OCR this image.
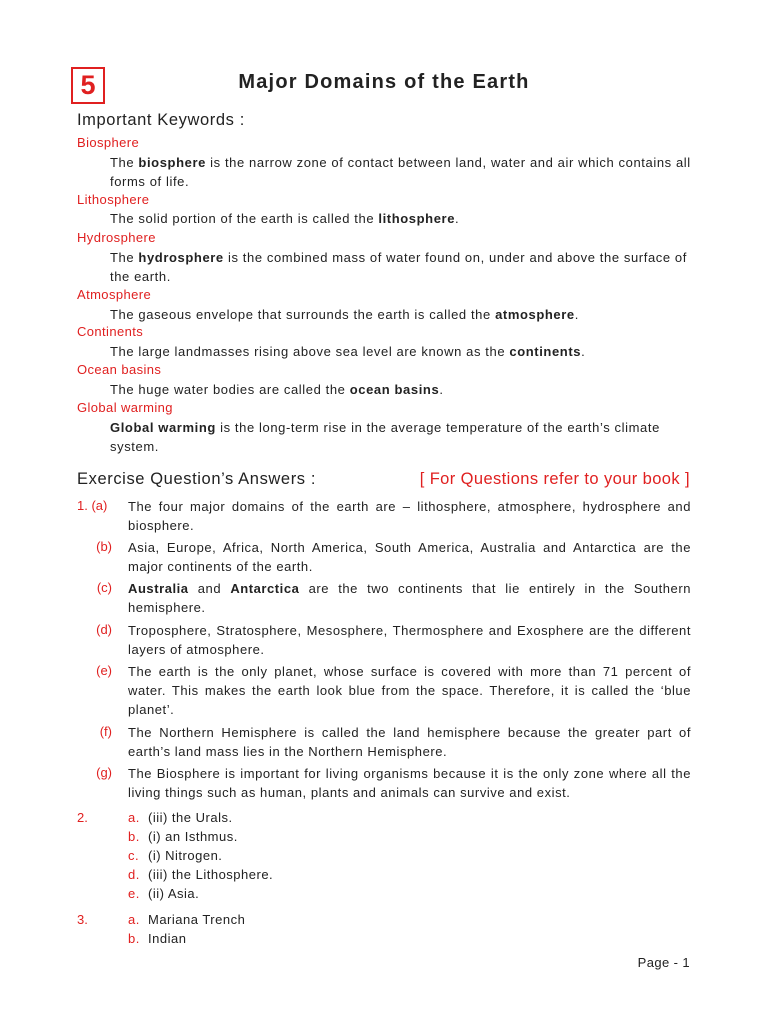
5	Major Domains of the Earth
Important Keywords :
Biosphere
The biosphere is the narrow zone of contact between land, water and air which contains all forms of life.
Lithosphere
The solid portion of the earth is called the lithosphere.
Hydrosphere
The hydrosphere is the combined mass of water found on, under and above the surface of the earth.
Atmosphere
The gaseous envelope that surrounds the earth is called the atmosphere.
Continents
The large landmasses rising above sea level are known as the continents.
Ocean basins
The huge water bodies are called the ocean basins.
Global warming
Global warming is the long-term rise in the average temperature of the earth’s climate system.
Exercise Question’s Answers :	[ For Questions refer to your book ]
1. (a)	The four major domains of the earth are – lithosphere, atmosphere, hydrosphere and biosphere.
(b) Asia, Europe, Africa, North America, South America, Australia and Antarctica are the major continents of the earth.
(c) Australia and Antarctica are the two continents that lie entirely in the Southern hemisphere.
(d) Troposphere, Stratosphere, Mesosphere, Thermosphere and Exosphere are the different layers of atmosphere.
(e) The earth is the only planet, whose surface is covered with more than 71 percent of water. This makes the earth look blue from the space. Therefore, it is called the ‘blue planet’.
(f) The Northern Hemisphere is called the land hemisphere because the greater part of earth’s land mass lies in the Northern Hemisphere.
(g) The Biosphere is important for living organisms because it is the only zone where all the living things such as human, plants and animals can survive and exist.
2.	a. (iii) the Urals.
b. (i) an Isthmus.
c. (i) Nitrogen.
d. (iii) the Lithosphere.
e. (ii) Asia.
3.	a. Mariana Trench
b. Indian
Page - 1
